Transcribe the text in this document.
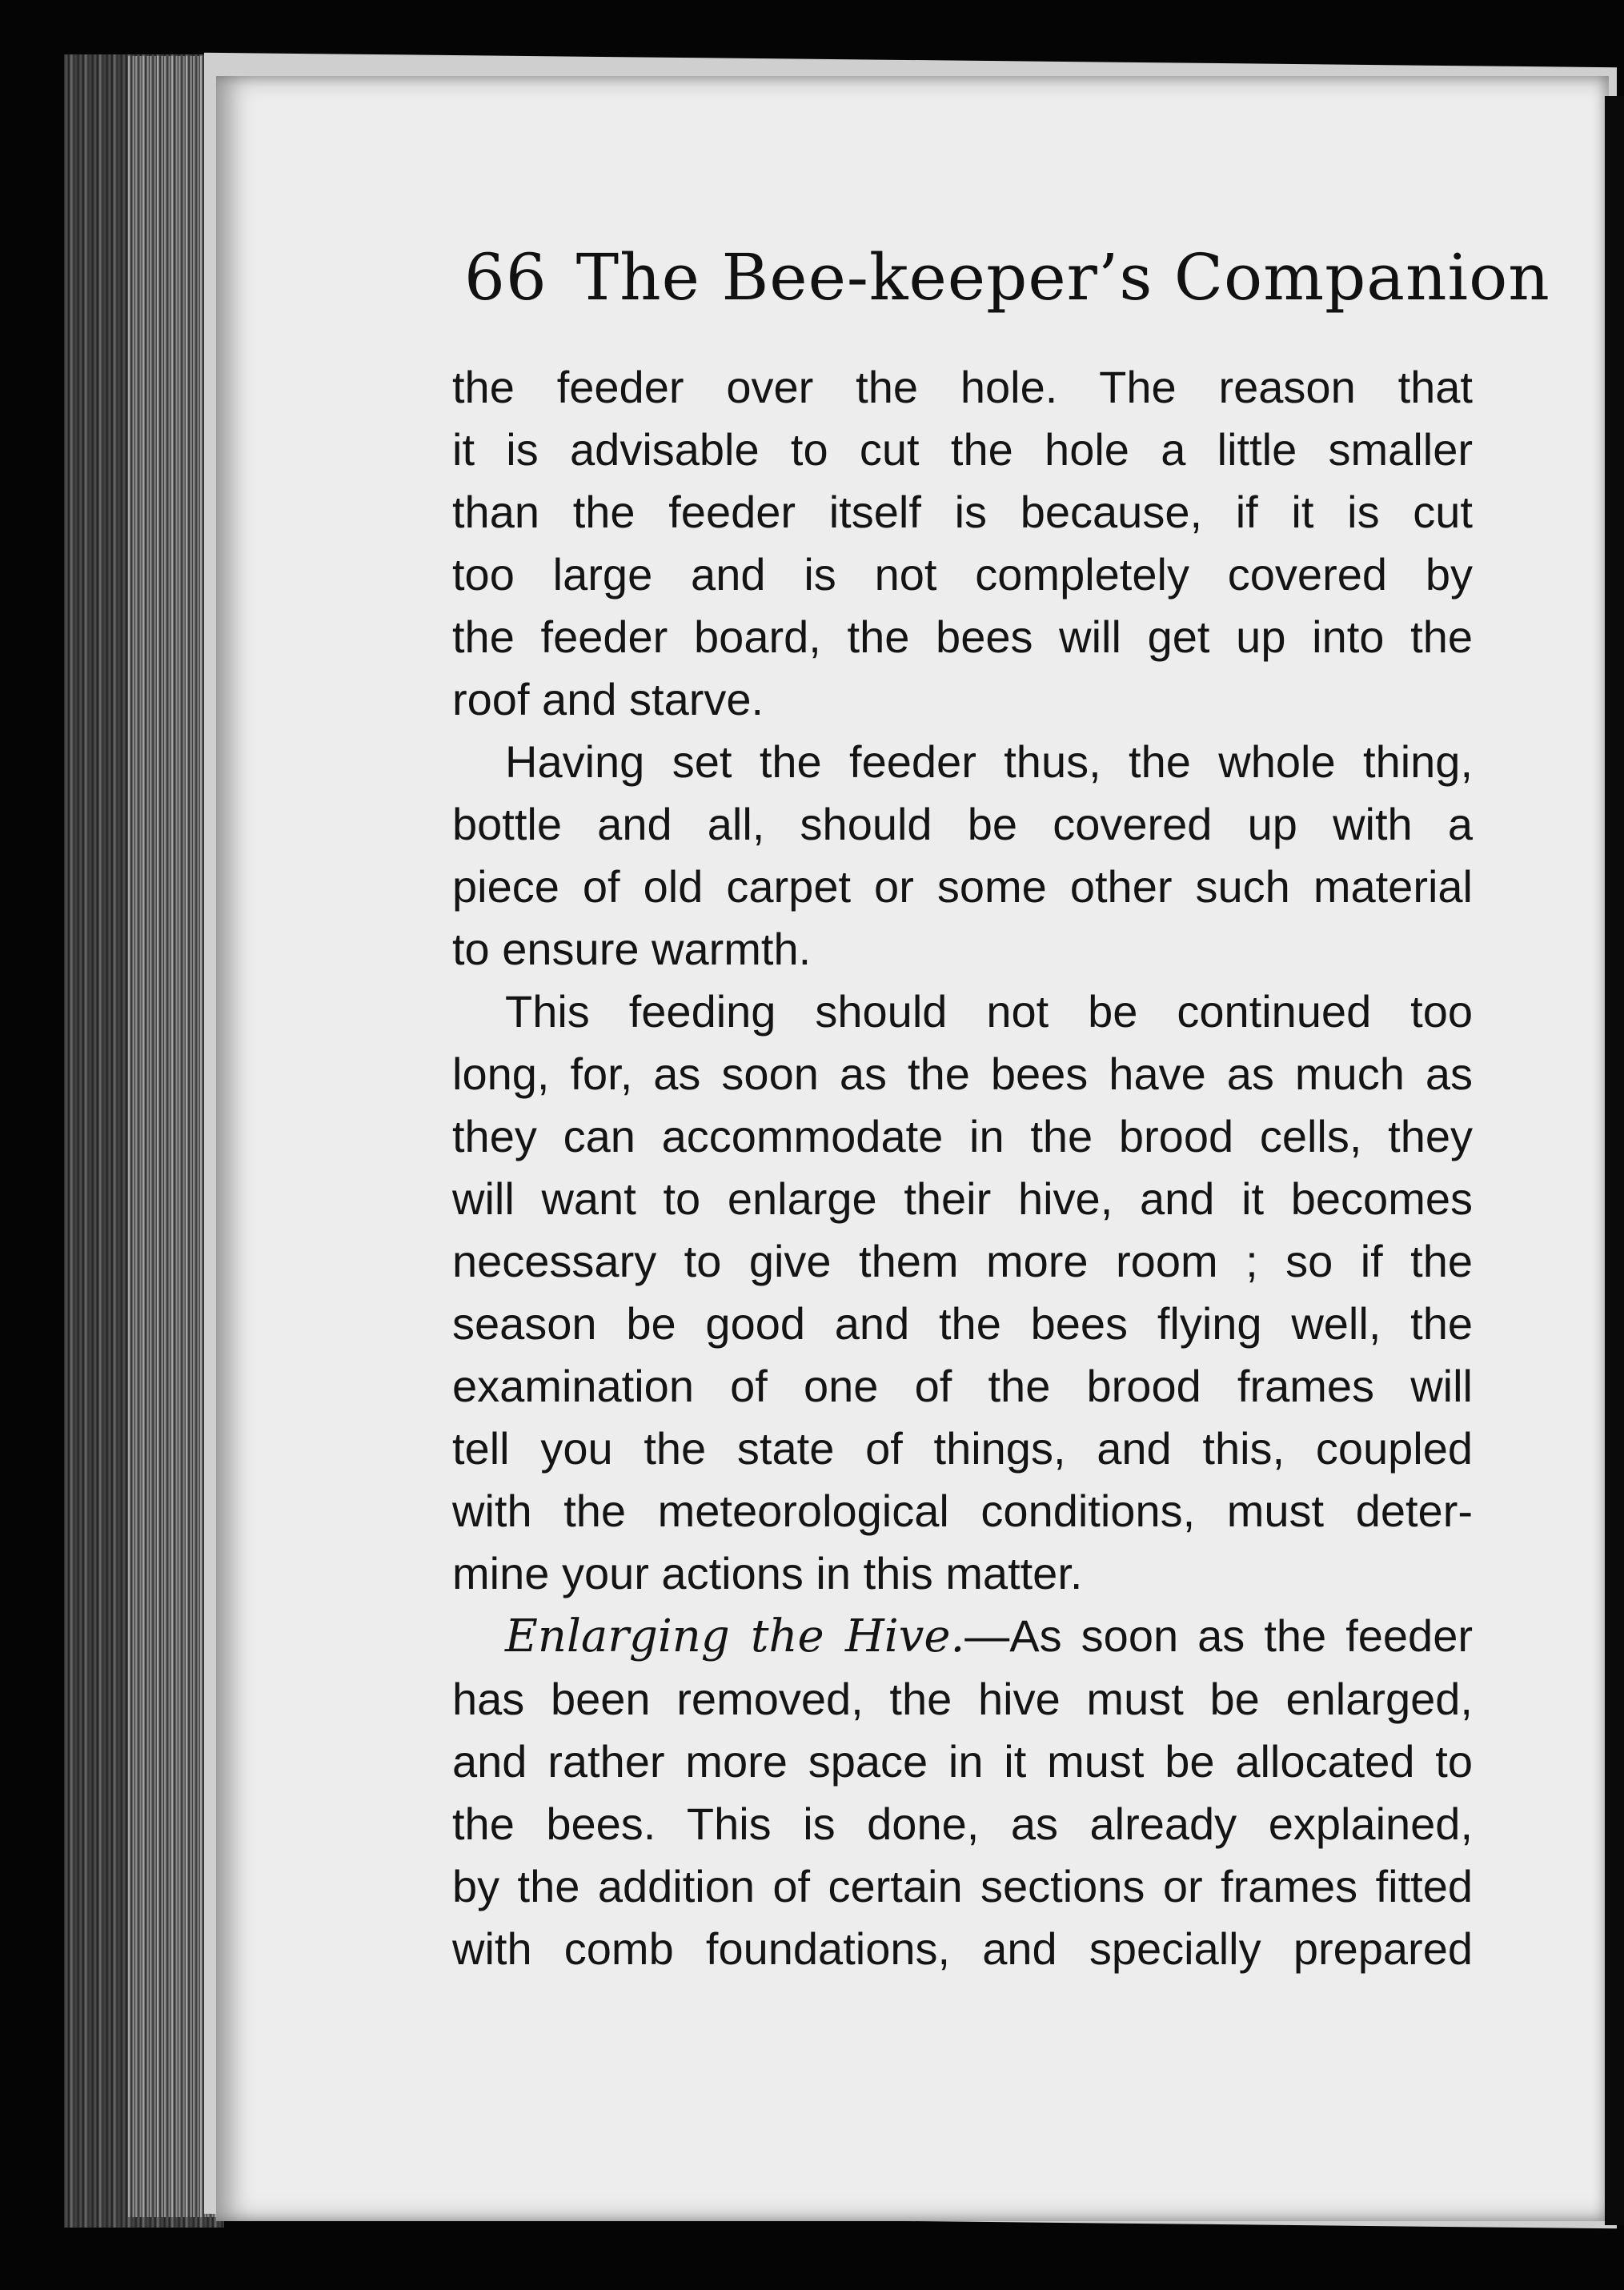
66 The Bee-keeper’s Companion
the feeder over the hole. The reason that
it is advisable to cut the hole a little smaller
than the feeder itself is because, if it is cut
too large and is not completely covered by
the feeder board, the bees will get up into the
roof and starve.
Having set the feeder thus, the whole thing,
bottle and all, should be covered up with a
piece of old carpet or some other such material
to ensure warmth.
This feeding should not be continued too
long, for, as soon as the bees have as much as
they can accommodate in the brood cells, they
will want to enlarge their hive, and it becomes
necessary to give them more room ; so if the
season be good and the bees flying well, the
examination of one of the brood frames will
tell you the state of things, and this, coupled
with the meteorological conditions, must deter-
mine your actions in this matter.
Enlarging the Hive.—As soon as the feeder
has been removed, the hive must be enlarged,
and rather more space in it must be allocated to
the bees. This is done, as already explained,
by the addition of certain sections or frames fitted
with comb foundations, and specially prepared
